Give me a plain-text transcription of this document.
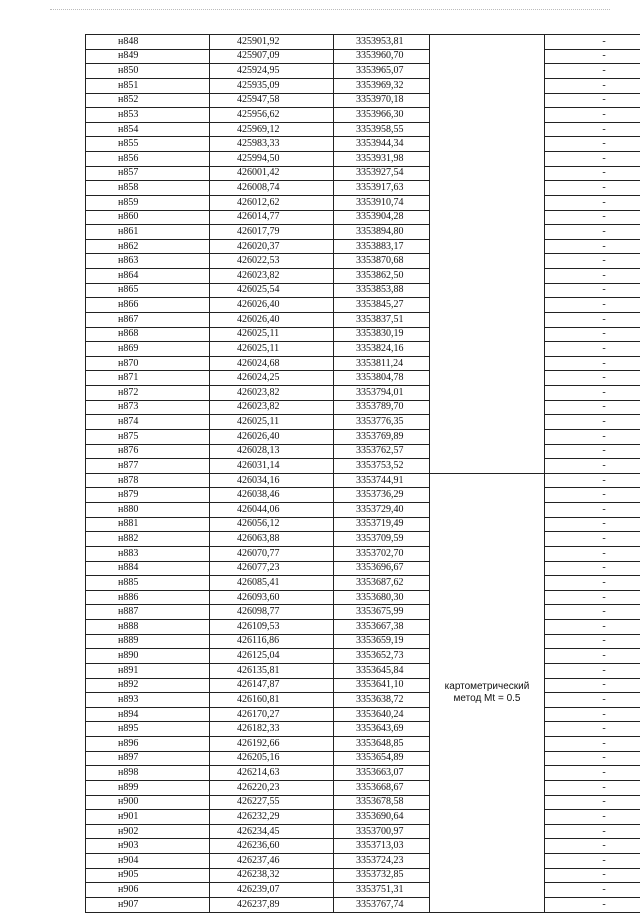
н848	425901,92	3353953,81		-
н849	425907,09	3353960,70		-
н850	425924,95	3353965,07		-
н851	425935,09	3353969,32		-
н852	425947,58	3353970,18		-
н853	425956,62	3353966,30		-
н854	425969,12	3353958,55		-
н855	425983,33	3353944,34		-
н856	425994,50	3353931,98		-
н857	426001,42	3353927,54		-
н858	426008,74	3353917,63		-
н859	426012,62	3353910,74		-
н860	426014,77	3353904,28		-
н861	426017,79	3353894,80		-
н862	426020,37	3353883,17		-
н863	426022,53	3353870,68		-
н864	426023,82	3353862,50		-
н865	426025,54	3353853,88		-
н866	426026,40	3353845,27		-
н867	426026,40	3353837,51		-
н868	426025,11	3353830,19		-
н869	426025,11	3353824,16		-
н870	426024,68	3353811,24		-
н871	426024,25	3353804,78		-
н872	426023,82	3353794,01		-
н873	426023,82	3353789,70		-
н874	426025,11	3353776,35		-
н875	426026,40	3353769,89		-
н876	426028,13	3353762,57		-
н877	426031,14	3353753,52		-
н878	426034,16	3353744,91	картометрический метод Mt = 0.5	-
н879	426038,46	3353736,29		-
н880	426044,06	3353729,40		-
н881	426056,12	3353719,49		-
н882	426063,88	3353709,59		-
н883	426070,77	3353702,70		-
н884	426077,23	3353696,67		-
н885	426085,41	3353687,62		-
н886	426093,60	3353680,30		-
н887	426098,77	3353675,99		-
н888	426109,53	3353667,38		-
н889	426116,86	3353659,19		-
н890	426125,04	3353652,73		-
н891	426135,81	3353645,84		-
н892	426147,87	3353641,10		-
н893	426160,81	3353638,72		-
н894	426170,27	3353640,24		-
н895	426182,33	3353643,69		-
н896	426192,66	3353648,85		-
н897	426205,16	3353654,89		-
н898	426214,63	3353663,07		-
н899	426220,23	3353668,67		-
н900	426227,55	3353678,58		-
н901	426232,29	3353690,64		-
н902	426234,45	3353700,97		-
н903	426236,60	3353713,03		-
н904	426237,46	3353724,23		-
н905	426238,32	3353732,85		-
н906	426239,07	3353751,31		-
н907	426237,89	3353767,74		-
